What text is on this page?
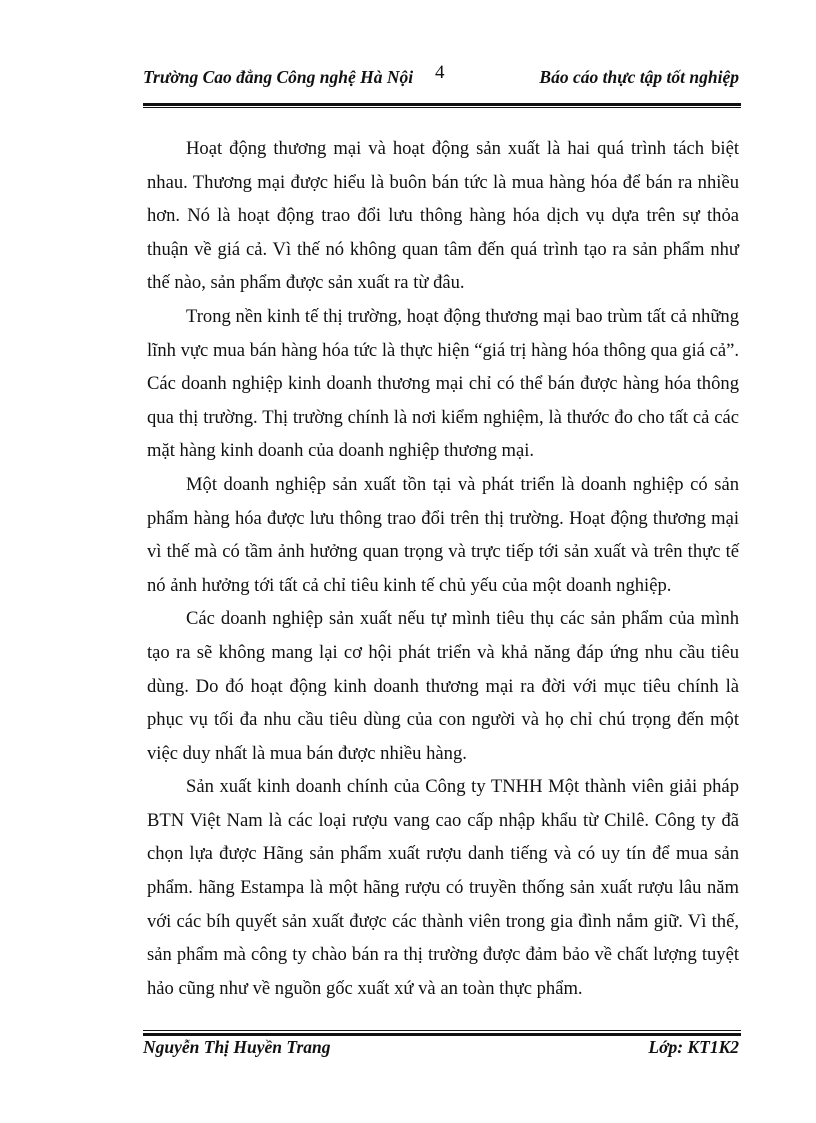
Trường Cao đẳng Công nghệ Hà Nội 4	Báo cáo thực tập tốt nghiệp

Hoạt động thương mại và hoạt động sản xuất là hai quá trình tách biệt nhau. Thương mại được hiểu là buôn bán tức là mua hàng hóa để bán ra nhiều hơn. Nó là hoạt động trao đổi lưu thông hàng hóa dịch vụ dựa trên sự thỏa thuận về giá cả. Vì thế nó không quan tâm đến quá trình tạo ra sản phẩm như thế nào, sản phẩm được sản xuất ra từ đâu.

Trong nền kinh tế thị trường, hoạt động thương mại bao trùm tất cả những lĩnh vực mua bán hàng hóa tức là thực hiện “giá trị hàng hóa thông qua giá cả”. Các doanh nghiệp kinh doanh thương mại chỉ có thể bán được hàng hóa thông qua thị trường. Thị trường chính là nơi kiểm nghiệm, là thước đo cho tất cả các mặt hàng kinh doanh của doanh nghiệp thương mại.

Một doanh nghiệp sản xuất tồn tại và phát triển là doanh nghiệp có sản phẩm hàng hóa được lưu thông trao đổi trên thị trường. Hoạt động thương mại vì thế mà có tầm ảnh hưởng quan trọng và trực tiếp tới sản xuất và trên thực tế nó ảnh hưởng tới tất cả chỉ tiêu kinh tế chủ yếu của một doanh nghiệp.

Các doanh nghiệp sản xuất nếu tự mình tiêu thụ các sản phẩm của mình tạo ra sẽ không mang lại cơ hội phát triển và khả năng đáp ứng nhu cầu tiêu dùng. Do đó hoạt động kinh doanh thương mại ra đời với mục tiêu chính là phục vụ tối đa nhu cầu tiêu dùng của con người và họ chỉ chú trọng đến một việc duy nhất là mua bán được nhiều hàng.

Sản xuất kinh doanh chính của Công ty TNHH Một thành viên giải pháp BTN Việt Nam là các loại rượu vang cao cấp nhập khẩu từ Chilê. Công ty đã chọn lựa được Hãng sản phẩm xuất rượu danh tiếng và có uy tín để mua sản phẩm. hãng Estampa là một hãng rượu có truyền thống sản xuất rượu lâu năm với các bíh quyết sản xuất được các thành viên trong gia đình nắm giữ. Vì thế, sản phẩm mà công ty chào bán ra thị trường được đảm bảo về chất lượng tuyệt hảo cũng như về nguồn gốc xuất xứ và an toàn thực phẩm.

Nguyễn Thị Huyền Trang	Lớp: KT1K2
